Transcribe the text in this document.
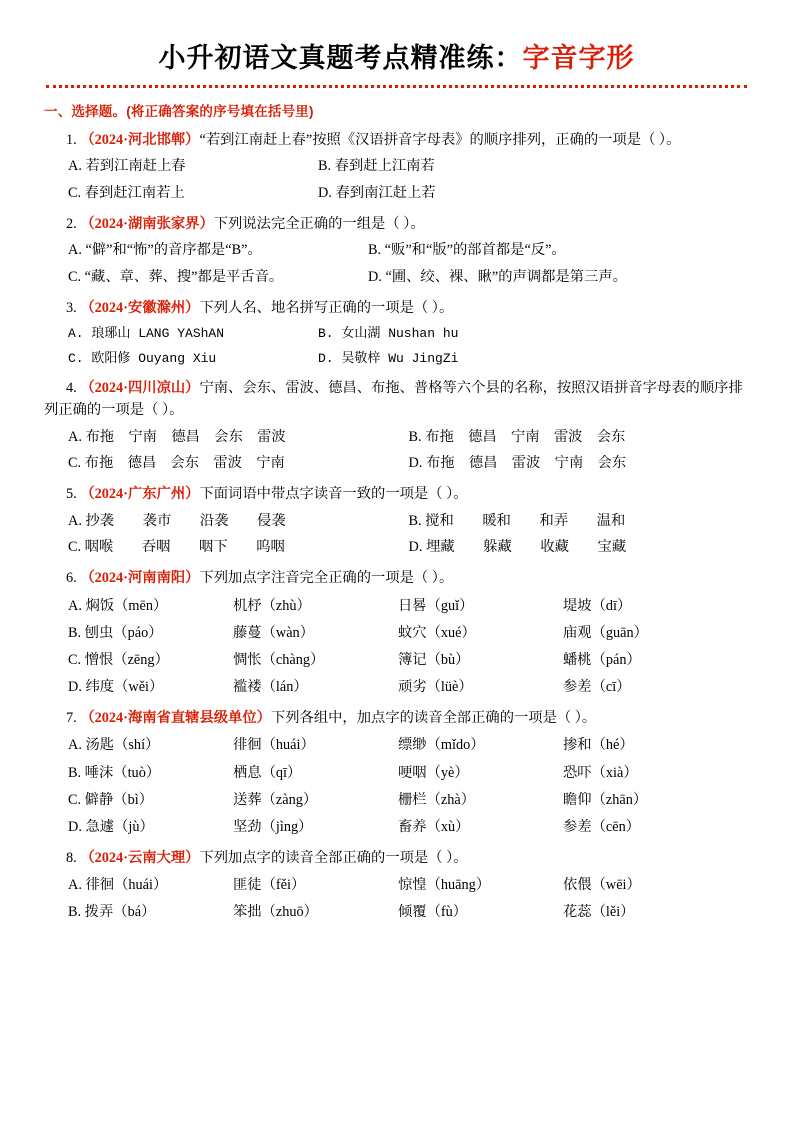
小升初语文真题考点精准练：字音字形
一、选择题。(将正确答案的序号填在括号里)
1. （2024·河北邯郸）“若到江南赶上春”按照《汉语拼音字母表》的顺序排列，正确的一项是（ ）。
A. 若到江南赶上春	B. 春到赶上江南若
C. 春到赶江南若上	D. 春到南江赶上若
2. （2024·湖南张家界）下列说法完全正确的一组是（ ）。
A. “僻”和“怖”的音序都是“B”。	B. “贩”和“版”的部首都是“反”。
C. “藏、章、葬、搜”都是平舌音。	D. “圃、绞、裸、瞅”的声调都是第三声。
3. （2024·安徽滁州）下列人名、地名拼写正确的一项是（ ）。
A. 琅琊山 LANG YAShAN	B. 女山湖 Nushan hu
C. 欧阳修 Ouyang Xiu	D. 吴敬梓 Wu JingZi
4. （2024·四川凉山）宁南、会东、雷波、德昌、布拖、普格等六个县的名称，按照汉语拼音字母表的顺序排列正确的一项是（ ）。
A. 布拖　宁南　德昌　会东　雷波	B. 布拖　德昌　宁南　雷波　会东
C. 布拖　德昌　会东　雷波　宁南	D. 布拖　德昌　雷波　宁南　会东
5. （2024·广东广州）下面词语中带点字读音一致的一项是（ ）。
A. 抄袭　　袭市　　沿袭　　侵袭	B. 搅和　　暖和　　和弄　　温和
C. 咽喉　　吞咽　　咽下　　呜咽	D. 埋藏　　躲藏　　收藏　　宝藏
6. （2024·河南南阳）下列加点字注音完全正确的一项是（ ）。
A. 焖饭（mēn）	机杼（zhù）	日晷（guǐ）	堤坡（dī）
B. 刨虫（páo）	藤蔓（wàn）	蚊穴（xué）	庙观（guān）
C. 憎恨（zēng）	惆怅（chàng）	簿记（bù）	蟠桃（pán）
D. 纬度（wěi）	褴褛（lán）	顽劣（lüè）	参差（cī）
7. （2024·海南省直辖县级单位）下列各组中，加点字的读音全部正确的一项是（ ）。
A. 汤匙（shí）	徘徊（huái）	缥缈（mǐdo）	掺和（hé）
B. 唾沫（tuò）	栖息（qī）	哽咽（yè）	恐吓（xià）
C. 僻静（bì）	送葬（zàng）	栅栏（zhà）	瞻仰（zhān）
D. 急遽（jù）	坚劲（jìng）	畜养（xù）	参差（cēn）
8. （2024·云南大理）下列加点字的读音全部正确的一项是（ ）。
A. 徘徊（huái）	匪徒（fěi）	惊惶（huāng）	依偎（wēi）
B. 拨弄（bá）	笨拙（zhuō）	倾覆（fù）	花蕊（lěi）
